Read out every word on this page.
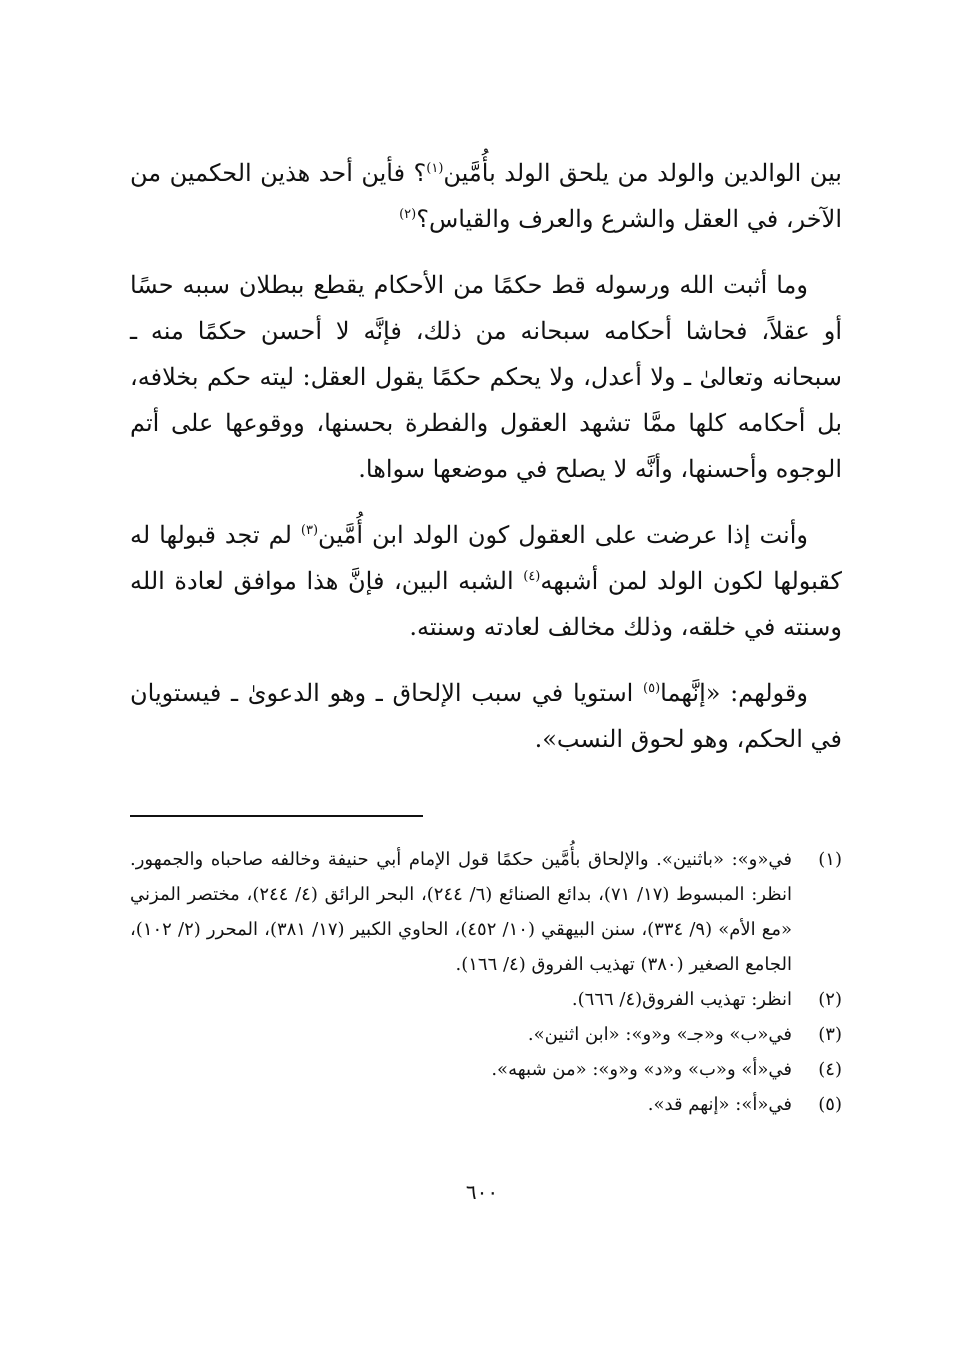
بين الوالدين والولد من يلحق الولد بأُمَّين$^{(١)}$؟ فأين أحد هذين الحكمين من الآخر، في العقل والشرع والعرف والقياس؟$^{(٢)}$

وما أثبت الله ورسوله قط حكمًا من الأحكام يقطع ببطلان سببه حسًا أو عقلاً، فحاشا أحكامه سبحانه من ذلك، فإنَّه لا أحسن حكمًا منه ـ سبحانه وتعالىٰ ـ ولا أعدل، ولا يحكم حكمًا يقول العقل: ليته حكم بخلافه، بل أحكامه كلها ممَّا تشهد العقول والفطرة بحسنها، ووقوعها على أتم الوجوه وأحسنها، وأنَّه لا يصلح في موضعها سواها.

وأنت إذا عرضت على العقول كون الولد ابن أُمَّين$^{(٣)}$ لم تجد قبولها له كقبولها لكون الولد لمن أشبهه$^{(٤)}$ الشبه البين، فإنَّ هذا موافق لعادة الله وسنته في خلقه، وذلك مخالف لعادته وسنته.

وقولهم: «إنَّهما$^{(٥)}$ استويا في سبب الإلحاق ـ وهو الدعوىٰ ـ فيستويان في الحكم، وهو لحوق النسب».

(١)
في«و»: «باثنين». والإلحاق بأُمَّين حكمًا قول الإمام أبي حنيفة وخالفه صاحباه والجمهور. انظر: المبسوط (١٧/ ٧١)، بدائع الصنائع (٦/ ٢٤٤)، البحر الرائق (٤/ ٢٤٤)، مختصر المزني «مع الأم» (٩/ ٣٣٤)، سنن البيهقي (١٠/ ٤٥٢)، الحاوي الكبير (١٧/ ٣٨١)، المحرر (٢/ ١٠٢)، الجامع الصغير (٣٨٠) تهذيب الفروق (٤/ ١٦٦).
(٢)
انظر: تهذيب الفروق(٤/ ٦٦٦).
(٣)
في«ب» و«جـ» و«و»: «ابن اثنين».
(٤)
في«أ» و«ب» و«د» و«و»: «من شبهه».
(٥)
في«أ»: «إنهم قد».
٦٠٠
